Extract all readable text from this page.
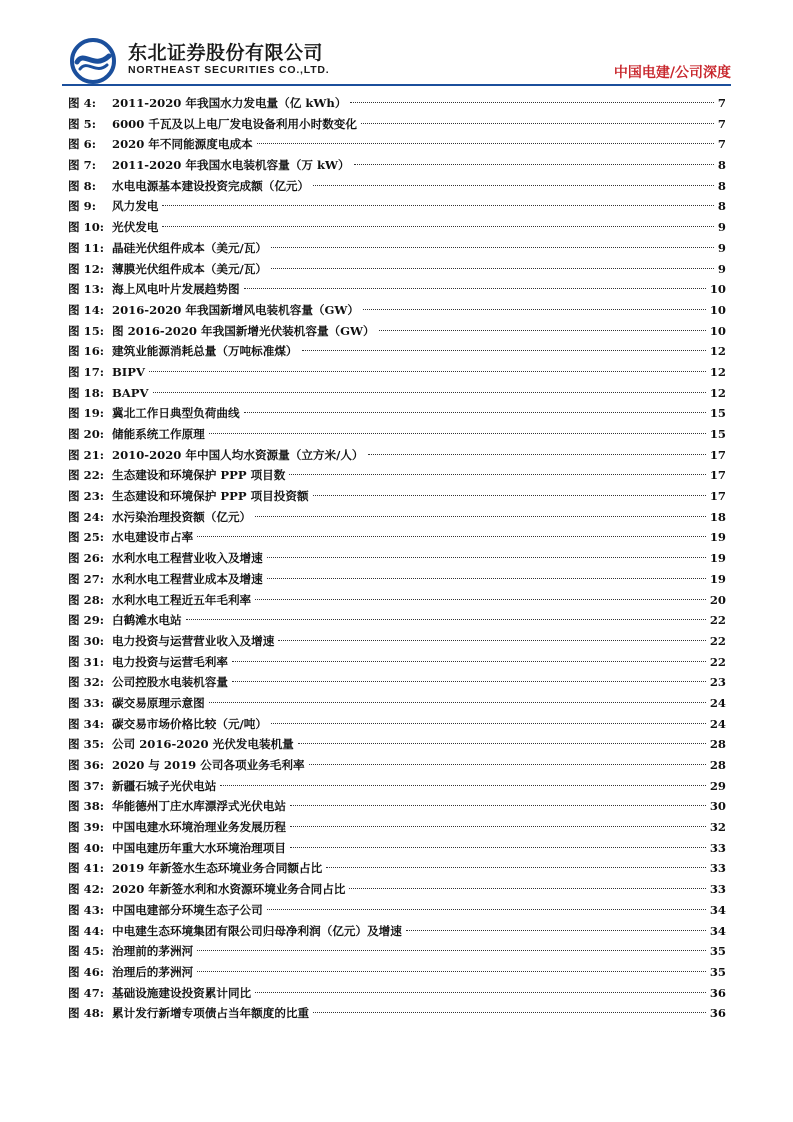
东北证券股份有限公司
NORTHEAST SECURITIES CO.,LTD.	中国电建/公司深度
图 4:	2011-2020 年我国水力发电量（亿 kWh）	7
图 5:	6000 千瓦及以上电厂发电设备利用小时数变化	7
图 6:	2020 年不同能源度电成本	7
图 7:	2011-2020 年我国水电装机容量（万 kW）	8
图 8:	水电电源基本建设投资完成额（亿元）	8
图 9:	风力发电	8
图 10: 光伏发电	9
图 11: 晶硅光伏组件成本（美元/瓦）	9
图 12: 薄膜光伏组件成本（美元/瓦）	9
图 13: 海上风电叶片发展趋势图	10
图 14: 2016-2020 年我国新增风电装机容量（GW）	10
图 15: 图 2016-2020 年我国新增光伏装机容量（GW）	10
图 16: 建筑业能源消耗总量（万吨标准煤）	12
图 17: BIPV	12
图 18: BAPV	12
图 19: 冀北工作日典型负荷曲线	15
图 20: 储能系统工作原理	15
图 21: 2010-2020 年中国人均水资源量（立方米/人）	17
图 22: 生态建设和环境保护 PPP 项目数	17
图 23: 生态建设和环境保护 PPP 项目投资额	17
图 24: 水污染治理投资额（亿元）	18
图 25: 水电建设市占率	19
图 26: 水利水电工程营业收入及增速	19
图 27: 水利水电工程营业成本及增速	19
图 28: 水利水电工程近五年毛利率	20
图 29: 白鹤滩水电站	22
图 30: 电力投资与运营营业收入及增速	22
图 31: 电力投资与运营毛利率	22
图 32: 公司控股水电装机容量	23
图 33: 碳交易原理示意图	24
图 34: 碳交易市场价格比较（元/吨）	24
图 35: 公司 2016-2020 光伏发电装机量	28
图 36: 2020 与 2019 公司各项业务毛利率	28
图 37: 新疆石城子光伏电站	29
图 38: 华能德州丁庄水库漂浮式光伏电站	30
图 39: 中国电建水环境治理业务发展历程	32
图 40: 中国电建历年重大水环境治理项目	33
图 41: 2019 年新签水生态环境业务合同额占比	33
图 42: 2020 年新签水利和水资源环境业务合同占比	33
图 43: 中国电建部分环境生态子公司	34
图 44: 中电建生态环境集团有限公司归母净利润（亿元）及增速	34
图 45: 治理前的茅洲河	35
图 46: 治理后的茅洲河	35
图 47: 基础设施建设投资累计同比	36
图 48: 累计发行新增专项债占当年额度的比重	36
